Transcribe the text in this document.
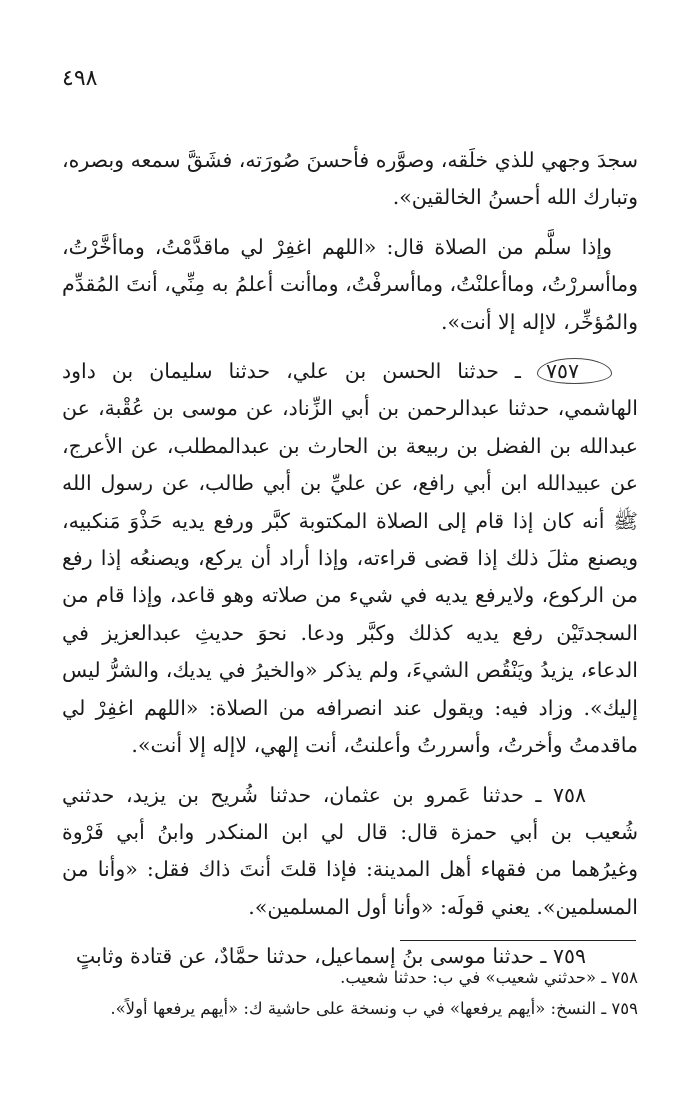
٤٩٨

سجدَ وجهي للذي خلَقه، وصوَّره فأحسنَ صُورَته، فشَقَّ سمعه وبصره، وتبارك الله أحسنُ الخالقين».

وإذا سلَّم من الصلاة قال: «اللهم اغفِرْ لي ماقدَّمْتُ، وماأخَّرْتُ، وماأسررْتُ، وماأعلنْتُ، وماأسرفْتُ، وماأنت أعلمُ به مِنِّي، أنتَ المُقدِّم والمُؤخِّر، لاإله إلا أنت».

٧٥٧ ـ حدثنا الحسن بن علي، حدثنا سليمان بن داود الهاشمي، حدثنا عبدالرحمن بن أبي الزِّناد، عن موسى بن عُقْبة، عن عبدالله بن الفضل بن ربيعة بن الحارث بن عبدالمطلب، عن الأعرج، عن عبيدالله ابن أبي رافع، عن عليِّ بن أبي طالب، عن رسول الله ﷺ أنه كان إذا قام إلى الصلاة المكتوبة كبَّر ورفع يديه حَذْوَ مَنكبيه، ويصنع مثلَ ذلك إذا قضى قراءته، وإذا أراد أن يركع، ويصنعُه إذا رفع من الركوع، ولايرفع يديه في شيء من صلاته وهو قاعد، وإذا قام من السجدتَيْن رفع يديه كذلك وكبَّر ودعا. نحوَ حديثِ عبدالعزيز في الدعاء، يزيدُ ويَنْقُص الشيءَ، ولم يذكر «والخيرُ في يديك، والشرُّ ليس إليك». وزاد فيه: ويقول عند انصرافه من الصلاة: «اللهم اغفِرْ لي ماقدمتُ وأخرتُ، وأسررتُ وأعلنتُ، أنت إلهي، لاإله إلا أنت».

٧٥٨ ـ حدثنا عَمرو بن عثمان، حدثنا شُريح بن يزيد، حدثني شُعيب بن أبي حمزة قال: قال لي ابن المنكدر وابنُ أبي فَرْوة وغيرُهما من فقهاء أهل المدينة: فإذا قلتَ أنتَ ذاك فقل: «وأنا من المسلمين». يعني قولَه: «وأنا أول المسلمين».

٧٥٩ ـ حدثنا موسى بنُ إسماعيل، حدثنا حمَّادٌ، عن قتادة وثابتٍ

٧٥٨ ـ «حدثني شعيب» في ب: حدثنا شعيب.

٧٥٩ ـ النسخ: «أيهم يرفعها» في ب ونسخة على حاشية ك: «أيهم يرفعها أولاً».
